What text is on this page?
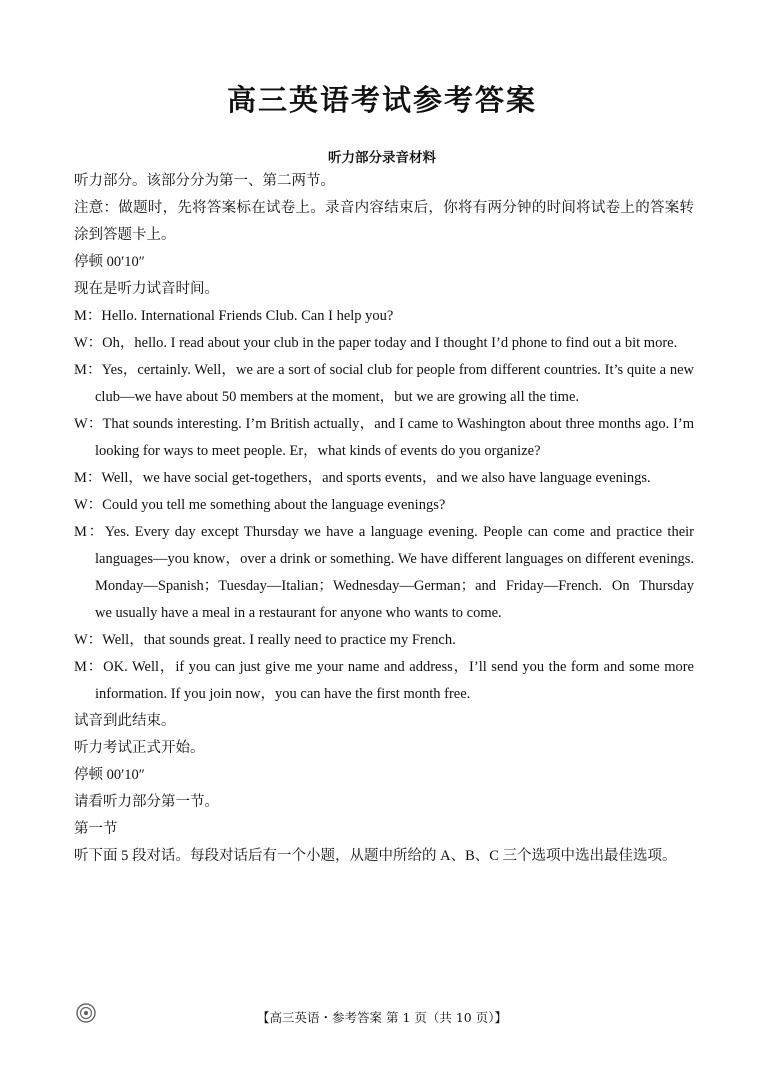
高三英语考试参考答案
听力部分录音材料

听力部分。该部分分为第一、第二两节。

注意：做题时，先将答案标在试卷上。录音内容结束后，你将有两分钟的时间将试卷上的答案转涂到答题卡上。

停顿 00′10″

现在是听力试音时间。

M：Hello. International Friends Club. Can I help you?

W：Oh，hello. I read about your club in the paper today and I thought I’d phone to find out a bit more.

M：Yes，certainly. Well，we are a sort of social club for people from different countries. It’s quite a new club—we have about 50 members at the moment，but we are growing all the time.

W：That sounds interesting. I’m British actually，and I came to Washington about three months ago. I’m looking for ways to meet people. Er，what kinds of events do you organize?

M：Well，we have social get-togethers，and sports events，and we also have language evenings.

W：Could you tell me something about the language evenings?

M：Yes. Every day except Thursday we have a language evening. People can come and practice their languages—you know，over a drink or something. We have different languages on different evenings. Monday—Spanish；Tuesday—Italian；Wednesday—German；and Friday—French. On Thursday we usually have a meal in a restaurant for anyone who wants to come.

W：Well，that sounds great. I really need to practice my French.

M：OK. Well，if you can just give me your name and address，I’ll send you the form and some more information. If you join now，you can have the first month free.

试音到此结束。

听力考试正式开始。

停顿 00′10″

请看听力部分第一节。

第一节

听下面 5 段对话。每段对话后有一个小题，从题中所给的 A、B、C 三个选项中选出最佳选项。

【高三英语・参考答案 第 1 页（共 10 页）】
